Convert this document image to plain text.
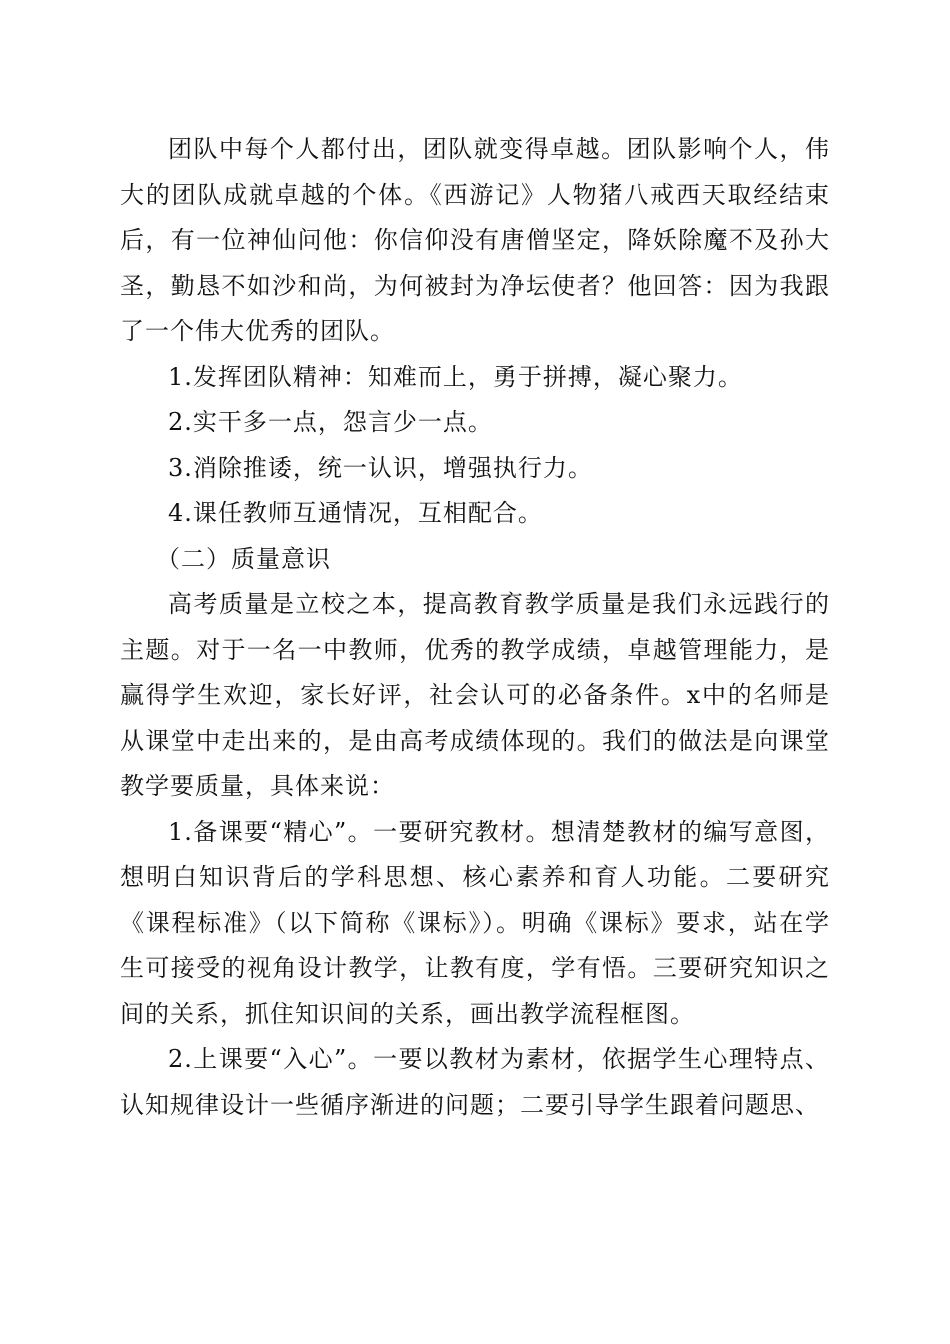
团队中每个人都付出，团队就变得卓越。团队影响个人，伟大的团队成就卓越的个体。《西游记》人物猪八戒西天取经结束后，有一位神仙问他：你信仰没有唐僧坚定，降妖除魔不及孙大圣，勤恳不如沙和尚，为何被封为净坛使者？他回答：因为我跟了一个伟大优秀的团队。

1.发挥团队精神：知难而上，勇于拼搏，凝心聚力。

2.实干多一点，怨言少一点。

3.消除推诿，统一认识，增强执行力。

4.课任教师互通情况，互相配合。

（二）质量意识

高考质量是立校之本，提高教育教学质量是我们永远践行的主题。对于一名一中教师，优秀的教学成绩，卓越管理能力，是赢得学生欢迎，家长好评，社会认可的必备条件。x中的名师是从课堂中走出来的，是由高考成绩体现的。我们的做法是向课堂教学要质量，具体来说：

1.备课要“精心”。一要研究教材。想清楚教材的编写意图，想明白知识背后的学科思想、核心素养和育人功能。二要研究《课程标准》（以下简称《课标》）。明确《课标》要求，站在学生可接受的视角设计教学，让教有度，学有悟。三要研究知识之间的关系，抓住知识间的关系，画出教学流程框图。

2.上课要“入心”。一要以教材为素材，依据学生心理特点、认知规律设计一些循序渐进的问题；二要引导学生跟着问题思、
